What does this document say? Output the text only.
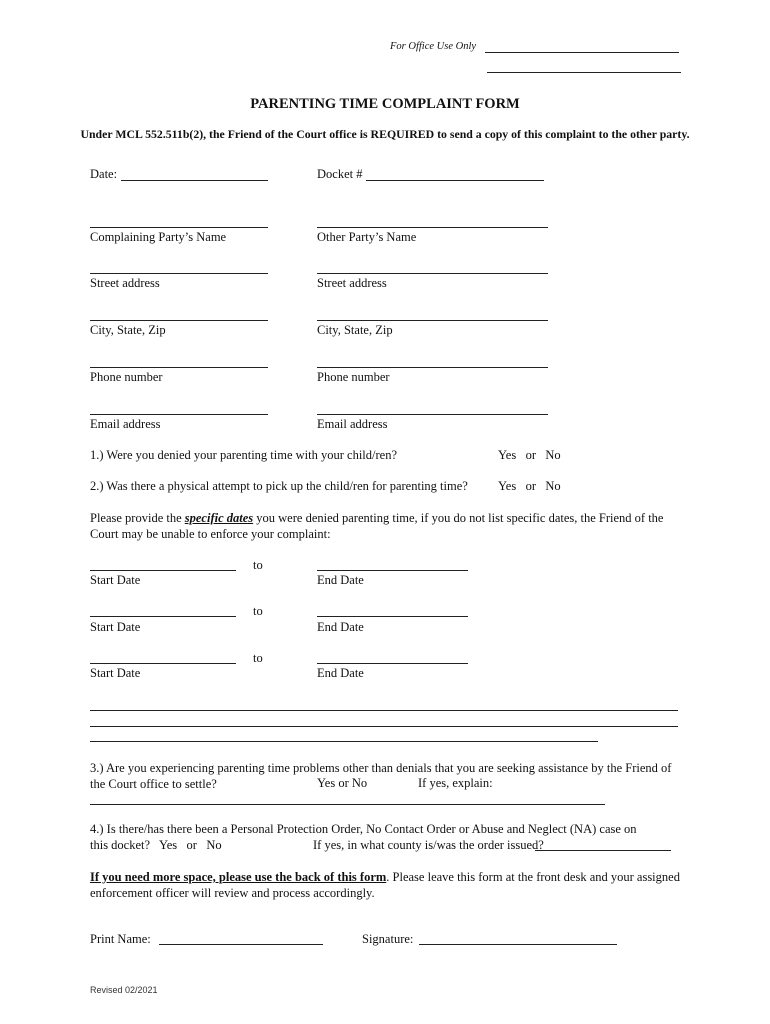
For Office Use Only
PARENTING TIME COMPLAINT FORM
Under MCL 552.511b(2), the Friend of the Court office is REQUIRED to send a copy of this complaint to the other party.
Date:	Docket #
Complaining Party’s Name	Other Party’s Name
Street address	Street address
City, State, Zip	City, State, Zip
Phone number	Phone number
Email address	Email address
1.) Were you denied your parenting time with your child/ren?	Yes   or   No
2.) Was there a physical attempt to pick up the child/ren for parenting time? Yes   or   No
Please provide the specific dates you were denied parenting time, if you do not list specific dates, the Friend of the Court may be unable to enforce your complaint:
to
Start Date	End Date
to
Start Date	End Date
to
Start Date	End Date
3.) Are you experiencing parenting time problems other than denials that you are seeking assistance by the Friend of the Court office to settle?	Yes or No	If yes, explain:
4.) Is there/has there been a Personal Protection Order, No Contact Order or Abuse and Neglect (NA) case on
this docket?   Yes   or   No	If yes, in what county is/was the order issued?
If you need more space, please use the back of this form. Please leave this form at the front desk and your assigned enforcement officer will review and process accordingly.
Print Name:	Signature:
Revised 02/2021
